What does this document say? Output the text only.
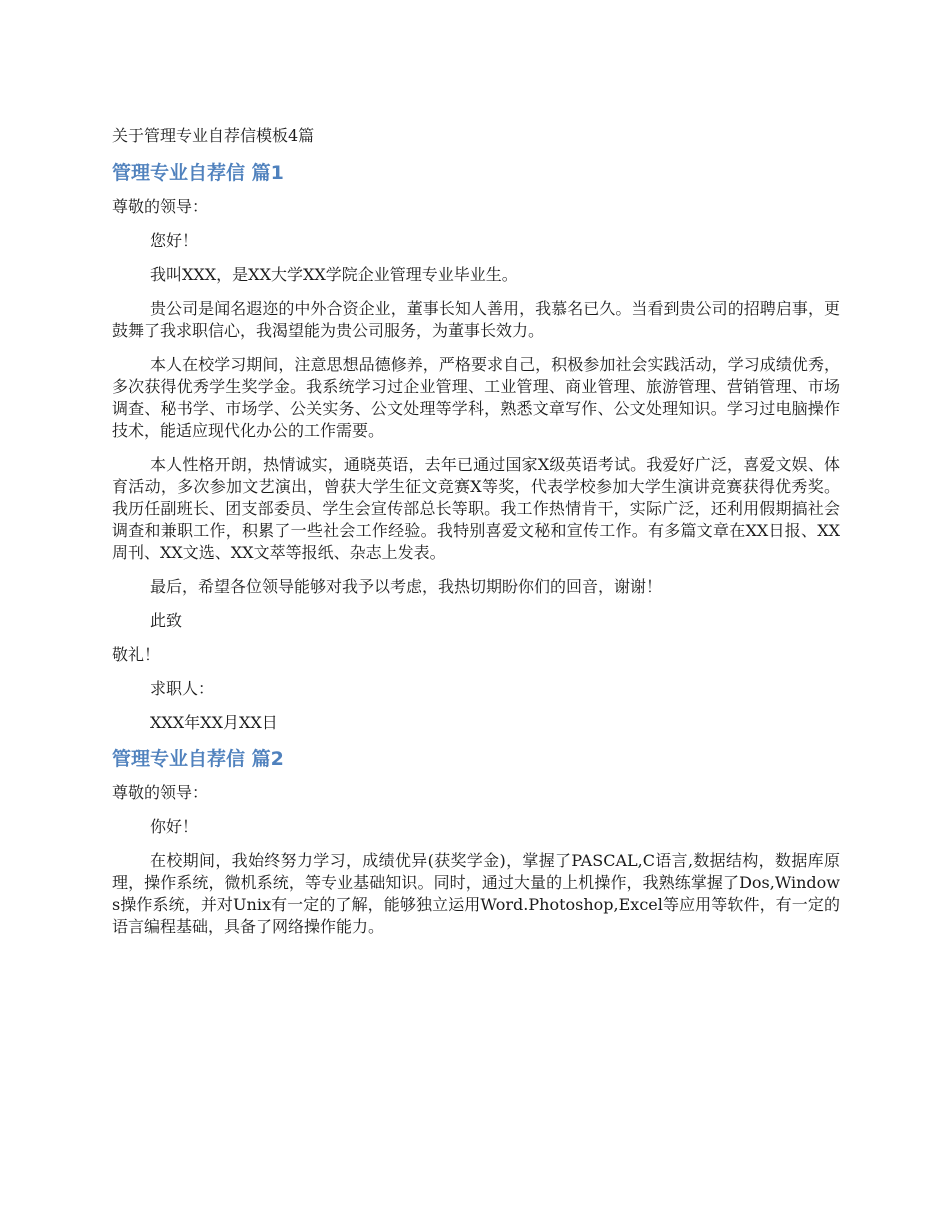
关于管理专业自荐信模板4篇

管理专业自荐信 篇1

尊敬的领导：

您好！

我叫XXX，是XX大学XX学院企业管理专业毕业生。

贵公司是闻名遐迩的中外合资企业，董事长知人善用，我慕名已久。当看到贵公司的招聘启事，更鼓舞了我求职信心，我渴望能为贵公司服务，为董事长效力。

本人在校学习期间，注意思想品德修养，严格要求自己，积极参加社会实践活动，学习成绩优秀，多次获得优秀学生奖学金。我系统学习过企业管理、工业管理、商业管理、旅游管理、营销管理、市场调查、秘书学、市场学、公关实务、公文处理等学科，熟悉文章写作、公文处理知识。学习过电脑操作技术，能适应现代化办公的工作需要。

本人性格开朗，热情诚实，通晓英语，去年已通过国家X级英语考试。我爱好广泛，喜爱文娱、体育活动，多次参加文艺演出，曾获大学生征文竞赛X等奖，代表学校参加大学生演讲竞赛获得优秀奖。我历任副班长、团支部委员、学生会宣传部总长等职。我工作热情肯干，实际广泛，还利用假期搞社会调查和兼职工作，积累了一些社会工作经验。我特别喜爱文秘和宣传工作。有多篇文章在XX日报、XX周刊、XX文选、XX文萃等报纸、杂志上发表。

最后，希望各位领导能够对我予以考虑，我热切期盼你们的回音，谢谢！

此致

敬礼！

求职人：

XXX年XX月XX日

管理专业自荐信 篇2

尊敬的领导：

你好！

在校期间，我始终努力学习，成绩优异(获奖学金)，掌握了PASCAL,C语言,数据结构，数据库原理，操作系统，微机系统，等专业基础知识。同时，通过大量的上机操作，我熟练掌握了Dos,Windows操作系统，并对Unix有一定的了解，能够独立运用Word.Photoshop,Excel等应用等软件，有一定的语言编程基础，具备了网络操作能力。
